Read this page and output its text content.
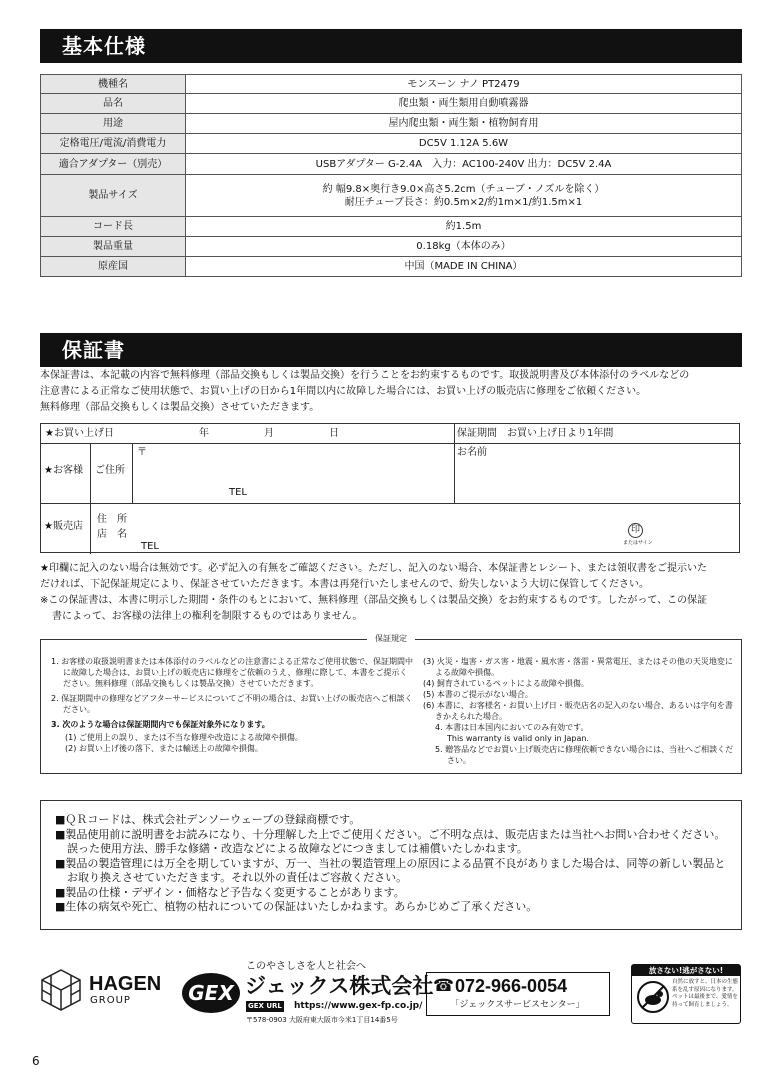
基本仕様
機種名	モンスーン ナノ PT2479
品名	爬虫類・両生類用自動噴霧器
用途	屋内爬虫類・両生類・植物飼育用
定格電圧/電流/消費電力	DC5V 1.12A 5.6W
適合アダプター（別売）	USBアダプター G-2.4A　入力：AC100-240V 出力：DC5V 2.4A
製品サイズ	約 幅9.8×奥行き9.0×高さ5.2cm（チューブ・ノズルを除く）
耐圧チューブ長さ：約0.5m×2/約1m×1/約1.5m×1

コード長	約1.5m
製品重量	0.18kg（本体のみ）
原産国	中国（MADE IN CHINA）
保証書
本保証書は、本記載の内容で無料修理（部品交換もしくは製品交換）を行うことをお約束するものです。取扱説明書及び本体添付のラベルなどの
注意書による正常なご使用状態で、お買い上げの日から1年間以内に故障した場合には、お買い上げの販売店に修理をご依頼ください。
無料修理（部品交換もしくは製品交換）させていただきます。
★お買い上げ日	年	月	日	保証期間　お買い上げ日より1年間
★お客様 ご住所
〒
TEL
お名前
★販売店
住　所
店　名
TEL
印
またはサイン
★印欄に記入のない場合は無効です。必ず記入の有無をご確認ください。ただし、記入のない場合、本保証書とレシート、または領収書をご提示いた
だければ、下記保証規定により、保証させていただきます。本書は再発行いたしませんので、紛失しないよう大切に保管してください。
※この保証書は、本書に明示した期間・条件のもとにおいて、無料修理（部品交換もしくは製品交換）をお約束するものです。したがって、この保証
書によって、お客様の法律上の権利を制限するものではありません。
保証規定

1. お客様の取扱説明書または本体添付のラベルなどの注意書による正常なご使用状態で、保証期間中に故障した場合は、お買い上げの販売店に修理をご依頼のうえ、修理に際して、本書をご提示ください。無料修理（部品交換もしくは製品交換）させていただきます。

2. 保証期間中の修理などアフターサービスについてご不明の場合は、お買い上げの販売店へご相談ください。

3. 次のような場合は保証期間内でも保証対象外になります。

(1) ご使用上の誤り、または不当な修理や改造による故障や損傷。

(2) お買い上げ後の落下、または輸送上の故障や損傷。

(3) 火災・塩害・ガス害・地震・風水害・落雷・異常電圧、またはその他の天災地変による故障や損傷。

(4) 飼育されているペットによる故障や損傷。

(5) 本書のご提示がない場合。

(6) 本書に、お客様名・お買い上げ日・販売店名の記入のない場合、あるいは字句を書きかえられた場合。

4. 本書は日本国内においてのみ有効です。

This warranty is valid only in Japan.

5. 贈答品などでお買い上げ販売店に修理依頼できない場合には、当社へご相談ください。

■ＱＲコードは、株式会社デンソーウェーブの登録商標です。

■製品使用前に説明書をお読みになり、十分理解した上でご使用ください。ご不明な点は、販売店または当社へお問い合わせください。

誤った使用方法、勝手な修繕・改造などによる故障などにつきましては補償いたしかねます。

■製品の製造管理には万全を期していますが、万一、当社の製造管理上の原因による品質不良がありました場合は、同等の新しい製品と

お取り換えさせていただきます。それ以外の責任はご容赦ください。

■製品の仕様・デザイン・価格など予告なく変更することがあります。

■生体の病気や死亡、植物の枯れについての保証はいたしかねます。あらかじめご了承ください。

HAGEN
GROUP	GEX
このやさしさを人と社会へ
ジェックス株式会社
GEX URL https://www.gex-fp.co.jp/
〒578-0903 大阪府東大阪市今米1丁目14番5号
☎ 072-966-0054
「ジェックスサービスセンター」
放さない!逃がさない!
自然に放すと、日本の生態系を乱す原因になります。ペットは最後まで、愛情を持って飼育しましょう。
6
